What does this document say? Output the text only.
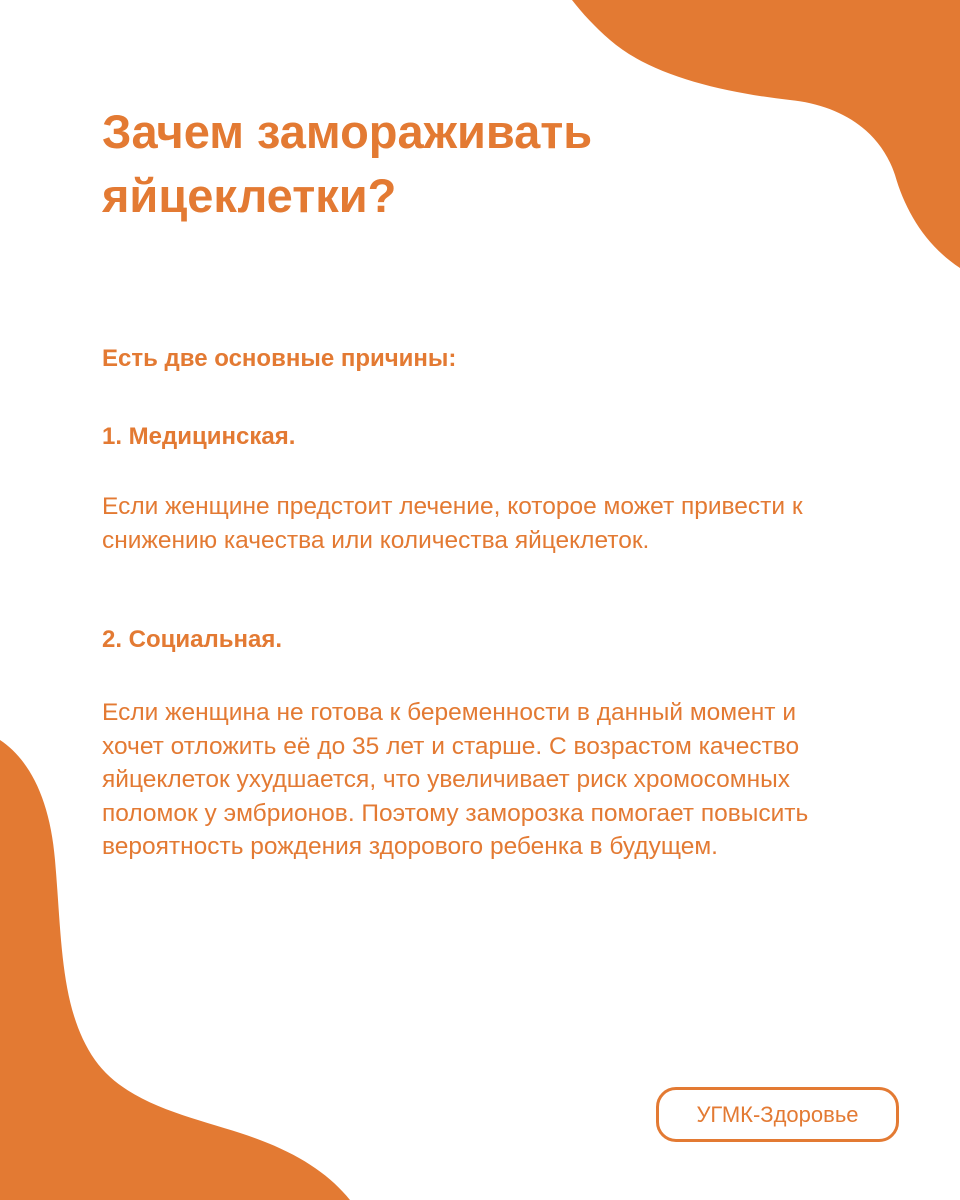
Зачем замораживать яйцеклетки?

Есть две основные причины:

1. Медицинская.

Если женщине предстоит лечение, которое может привести к снижению качества или количества яйцеклеток.

2. Социальная.

Если женщина не готова к беременности в данный момент и хочет отложить её до 35 лет и старше. С возрастом качество яйцеклеток ухудшается, что увеличивает риск хромосомных поломок у эмбрионов. Поэтому заморозка помогает повысить вероятность рождения здорового ребенка в будущем.

УГМК-Здоровье
